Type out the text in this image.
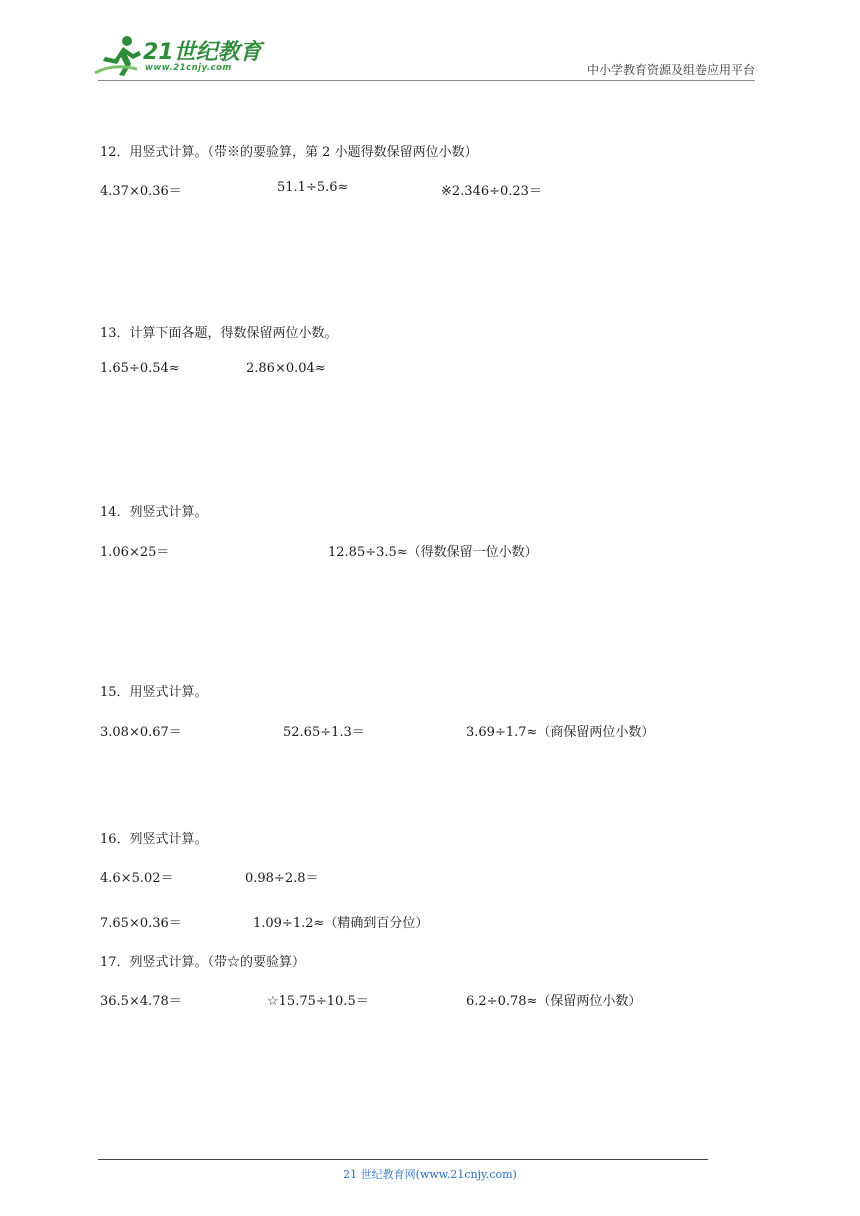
21世纪教育
www.21cnjy.com	中小学教育资源及组卷应用平台
12．用竖式计算。（带※的要验算，第 2 小题得数保留两位小数）
4.37×0.36＝	51.1÷5.6≈	※2.346÷0.23＝
13．计算下面各题，得数保留两位小数。
1.65÷0.54≈	2.86×0.04≈
14．列竖式计算。
1.06×25＝	12.85÷3.5≈（得数保留一位小数）
15．用竖式计算。
3.08×0.67＝	52.65÷1.3＝	3.69÷1.7≈（商保留两位小数）
16．列竖式计算。
4.6×5.02＝	0.98÷2.8＝
7.65×0.36＝	1.09÷1.2≈（精确到百分位）
17．列竖式计算。（带☆的要验算）
36.5×4.78＝	☆15.75÷10.5＝	6.2÷0.78≈（保留两位小数）
21 世纪教育网(www.21cnjy.com)
